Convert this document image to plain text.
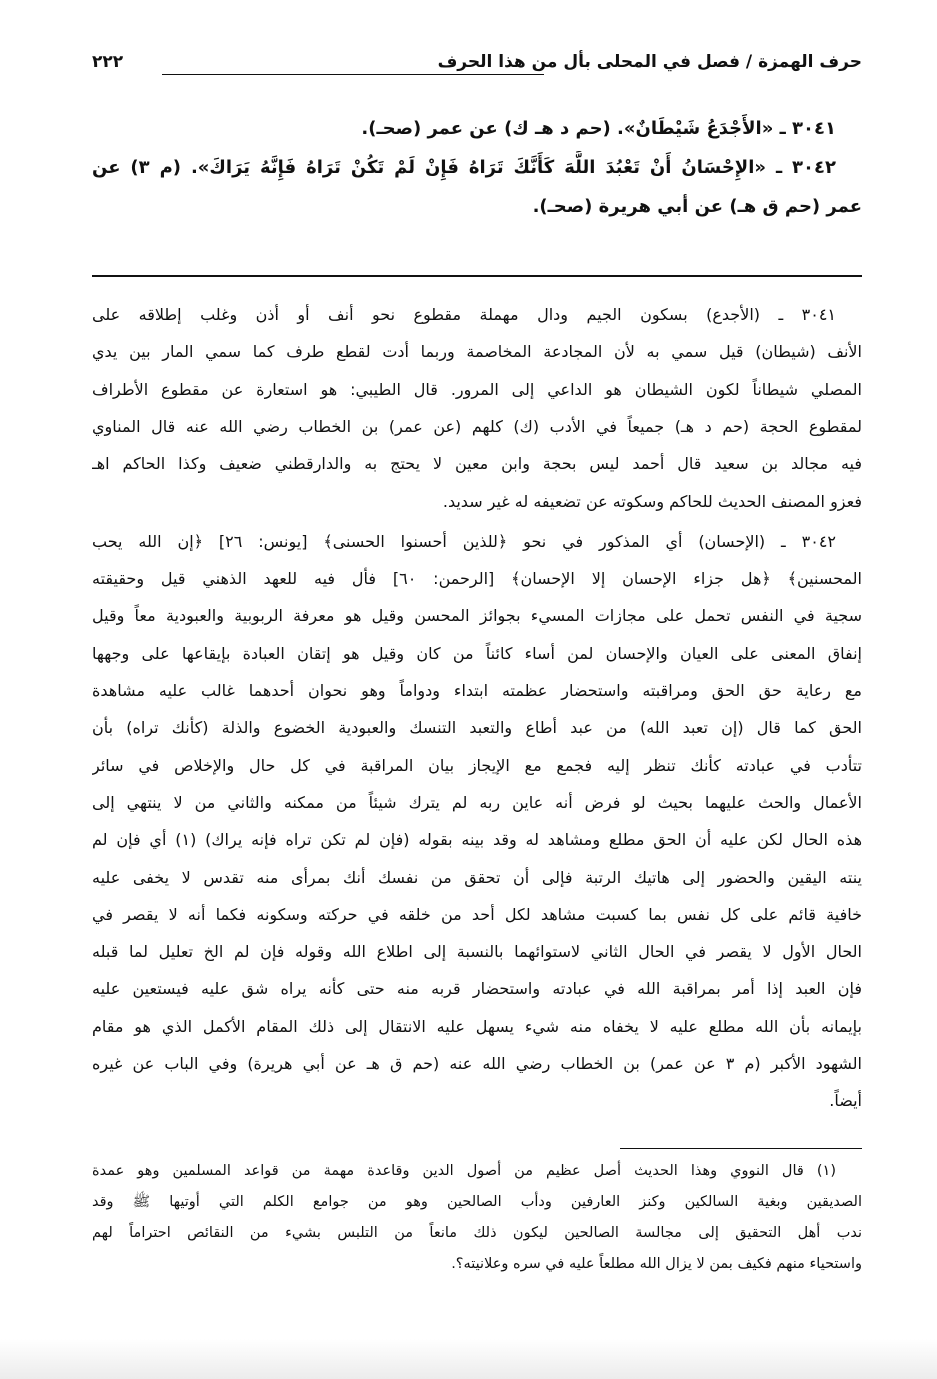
حرف الهمزة / فصل في المحلى بأل من هذا الحرف
٢٢٢
٣٠٤١ ـ «الأَجْدَعُ شَيْطَانٌ». (حم د هـ ك) عن عمر (صحـ).
٣٠٤٢ ـ «الإِحْسَانُ أَنْ تَعْبُدَ اللَّهَ كَأَنَّكَ تَرَاهُ فَإِنْ لَمْ تَكُنْ تَرَاهُ فَإِنَّهُ يَرَاكَ». (م ٣) عن
عمر (حم ق هـ) عن أبي هريرة (صحـ).
٣٠٤١ ـ (الأجدع) بسكون الجيم ودال مهملة مقطوع نحو أنف أو أذن وغلب إطلاقه على
الأنف (شيطان) قيل سمي به لأن المجادعة المخاصمة وربما أدت لقطع طرف كما سمي المار بين يدي
المصلي شيطاناً لكون الشيطان هو الداعي إلى المرور. قال الطيبي: هو استعارة عن مقطوع الأطراف
لمقطوع الحجة (حم د هـ) جميعاً في الأدب (ك) كلهم (عن عمر) بن الخطاب رضي الله عنه قال المناوي
فيه مجالد بن سعيد قال أحمد ليس بحجة وابن معين لا يحتج به والدارقطني ضعيف وكذا الحاكم اهـ
فعزو المصنف الحديث للحاكم وسكوته عن تضعيفه له غير سديد.
٣٠٤٢ ـ (الإحسان) أي المذكور في نحو ﴿للذين أحسنوا الحسنى﴾ [يونس: ٢٦] ﴿إن الله يحب
المحسنين﴾ ﴿هل جزاء الإحسان إلا الإحسان﴾ [الرحمن: ٦٠] فأل فيه للعهد الذهني قيل وحقيقته
سجية في النفس تحمل على مجازات المسيء بجوائز المحسن وقيل هو معرفة الربوبية والعبودية معاً وقيل
إنفاق المعنى على العيان والإحسان لمن أساء كائناً من كان وقيل هو إتقان العبادة بإيقاعها على وجهها
مع رعاية حق الحق ومراقبته واستحضار عظمته ابتداء ودواماً وهو نحوان أحدهما غالب عليه مشاهدة
الحق كما قال (إن تعبد الله) من عبد أطاع والتعبد التنسك والعبودية الخضوع والذلة (كأنك تراه) بأن
تتأدب في عبادته كأنك تنظر إليه فجمع مع الإيجاز بيان المراقبة في كل حال والإخلاص في سائر
الأعمال والحث عليهما بحيث لو فرض أنه عاين ربه لم يترك شيئاً من ممكنه والثاني من لا ينتهي إلى
هذه الحال لكن عليه أن الحق مطلع ومشاهد له وقد بينه بقوله (فإن لم تكن تراه فإنه يراك) (١) أي فإن لم
ينته اليقين والحضور إلى هاتيك الرتبة فإلى أن تحقق من نفسك أنك بمرأى منه تقدس لا يخفى عليه
خافية قائم على كل نفس بما كسبت مشاهد لكل أحد من خلقه في حركته وسكونه فكما أنه لا يقصر في
الحال الأول لا يقصر في الحال الثاني لاستوائهما بالنسبة إلى اطلاع الله وقوله فإن لم الخ تعليل لما قبله
فإن العبد إذا أمر بمراقبة الله في عبادته واستحضار قربه منه حتى كأنه يراه شق عليه فيستعين عليه
بإيمانه بأن الله مطلع عليه لا يخفاه منه شيء يسهل عليه الانتقال إلى ذلك المقام الأكمل الذي هو مقام
الشهود الأكبر (م ٣ عن عمر) بن الخطاب رضي الله عنه (حم ق هـ عن أبي هريرة) وفي الباب عن غيره
أيضاً.
(١) قال النووي وهذا الحديث أصل عظيم من أصول الدين وقاعدة مهمة من قواعد المسلمين وهو عمدة
الصديقين وبغية السالكين وكنز العارفين ودأب الصالحين وهو من جوامع الكلم التي أوتيها ﷺ وقد
ندب أهل التحقيق إلى مجالسة الصالحين ليكون ذلك مانعاً من التلبس بشيء من النقائص احتراماً لهم
واستحياء منهم فكيف بمن لا يزال الله مطلعاً عليه في سره وعلانيته؟.
